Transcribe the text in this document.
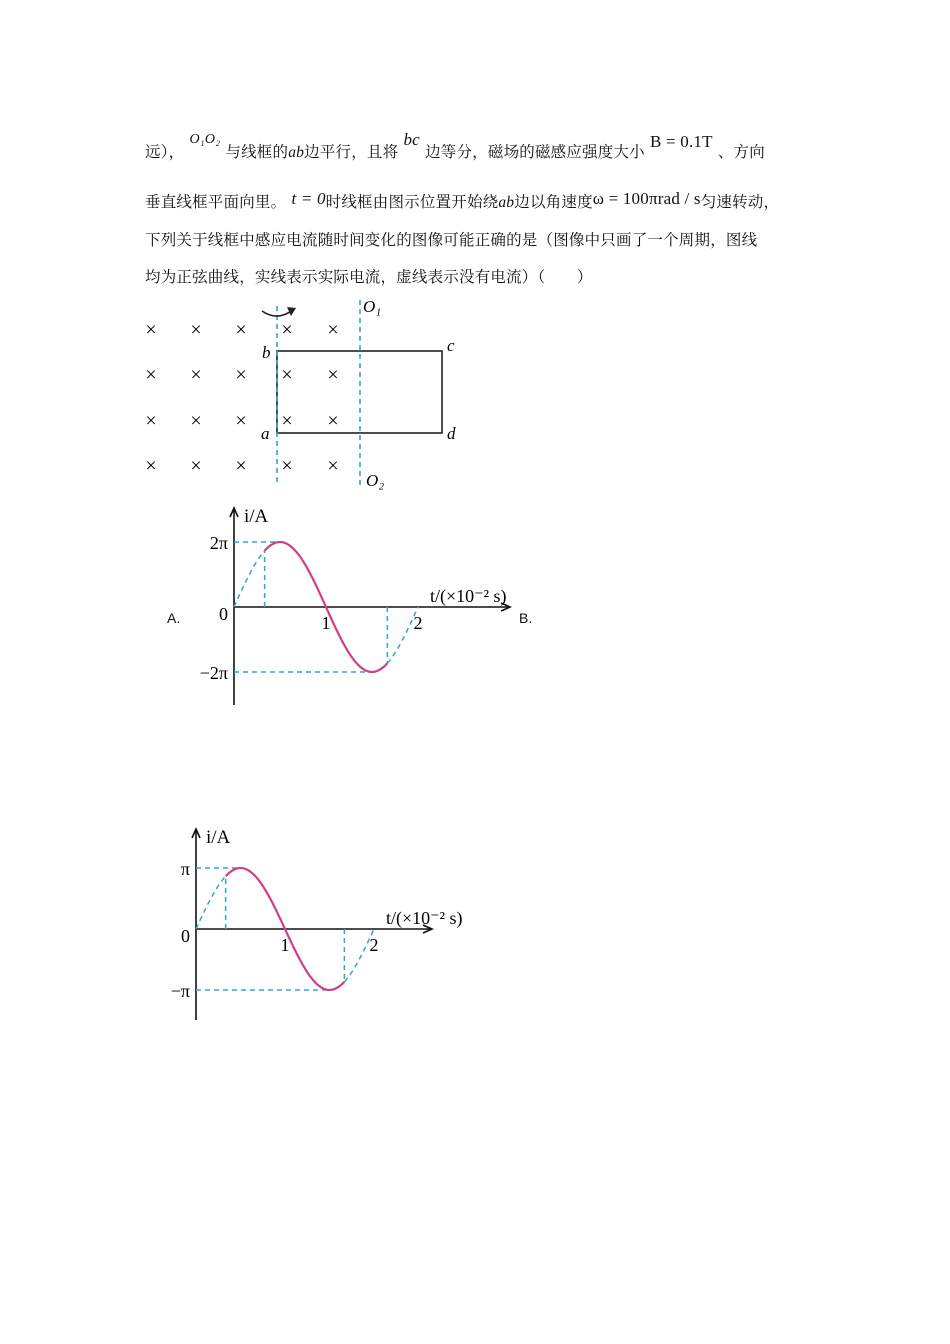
远）， O₁O₂ 与线框的ab边平行，且将 bc 边等分，磁场的磁感应强度大小 B = 0.1T 、方向
垂直线框平面向里。 t = 0时线框由图示位置开始绕ab边以角速度ω = 100πrad / s匀速转动，
下列关于线框中感应电流随时间变化的图像可能正确的是（图像中只画了一个周期，图线
均为正弦曲线，实线表示实际电流，虚线表示没有电流）（　　）
× × × × ×
× × × × ×
× × × × ×
× × × × ×
b
a
c
d
O₁
O₂
A.	B.
i/A
t/(×10⁻² s)
2π
0
−2π
1	2
i/A
t/(×10⁻² s)
π
0
−π
1	2
